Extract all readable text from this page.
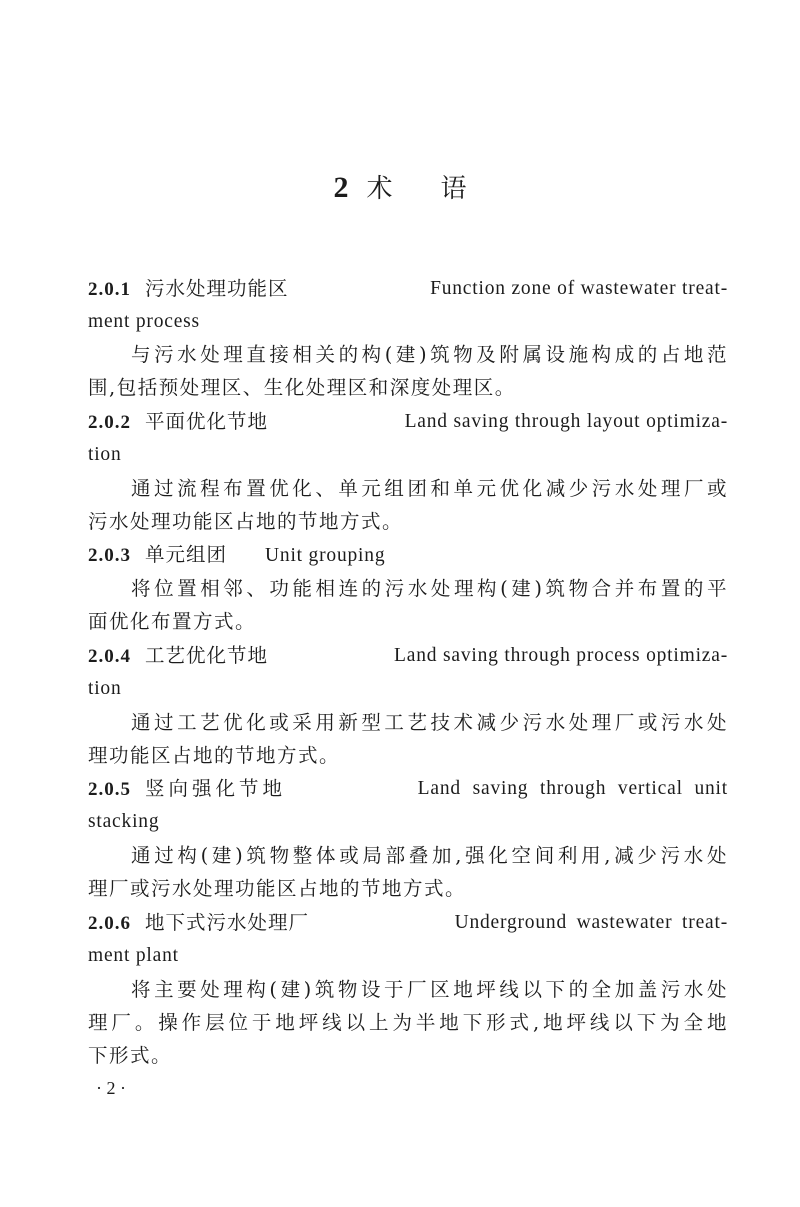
2 术 语
2.0.1 污水处理功能区	Function zone of wastewater treat-
ment process
与污水处理直接相关的构(建)筑物及附属设施构成的占地范
围,包括预处理区、生化处理区和深度处理区。
2.0.2 平面优化节地	Land saving through layout optimiza-
tion
通过流程布置优化、单元组团和单元优化减少污水处理厂或
污水处理功能区占地的节地方式。
2.0.3 单元组团 Unit grouping
将位置相邻、功能相连的污水处理构(建)筑物合并布置的平
面优化布置方式。
2.0.4 工艺优化节地	Land saving through process optimiza-
tion
通过工艺优化或采用新型工艺技术减少污水处理厂或污水处
理功能区占地的节地方式。
2.0.5 竖向强化节地	Land saving through vertical unit
stacking
通过构(建)筑物整体或局部叠加,强化空间利用,减少污水处
理厂或污水处理功能区占地的节地方式。
2.0.6 地下式污水处理厂	Underground wastewater treat-
ment plant
将主要处理构(建)筑物设于厂区地坪线以下的全加盖污水处
理厂。操作层位于地坪线以上为半地下形式,地坪线以下为全地
下形式。
· 2 ·
